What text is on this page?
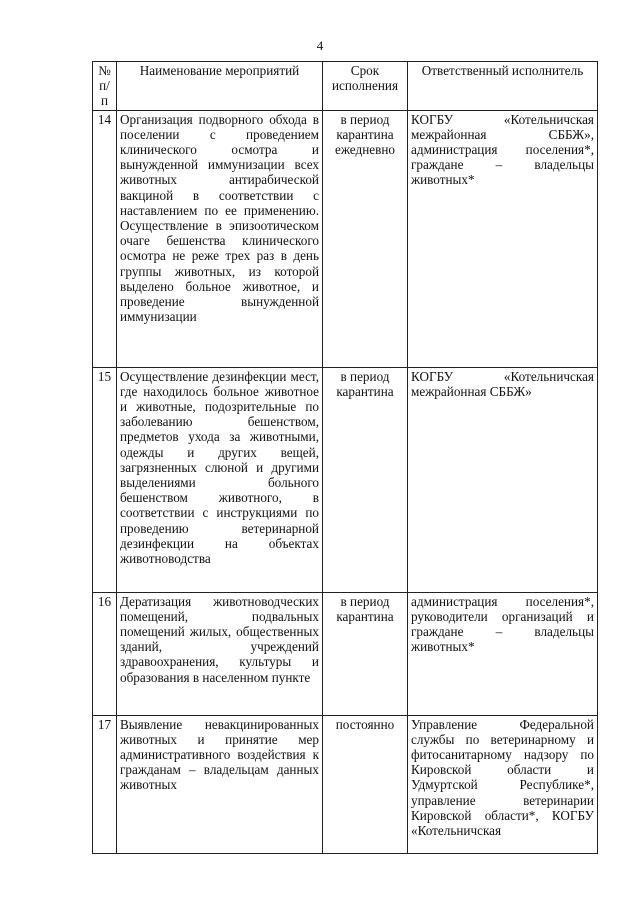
4
№ п/п	Наименование мероприятий	Срок исполнения	Ответственный исполнитель
14	Организация подворного обхода в поселении с проведением клинического осмотра и вынужденной иммунизации всех животных антирабической вакциной в соответствии с наставлением по ее применению. Осуществление в эпизоотическом очаге бешенства клинического осмотра не реже трех раз в день группы животных, из которой выделено больное животное, и проведение вынужденной иммунизации	в период карантина ежедневно	КОГБУ «Котельничская межрайонная СББЖ», администрация поселения*, граждане – владельцы животных*
15	Осуществление дезинфекции мест, где находилось больное животное и животные, подозрительные по заболеванию бешенством, предметов ухода за животными, одежды и других вещей, загрязненных слюной и другими выделениями больного бешенством животного, в соответствии с инструкциями по проведению ветеринарной дезинфекции на объектах животноводства	в период карантина	КОГБУ «Котельничская межрайонная СББЖ»
16	Дератизация животноводческих помещений, подвальных помещений жилых, общественных зданий, учреждений здравоохранения, культуры и образования в населенном пункте	в период карантина	администрация поселения*, руководители организаций и граждане – владельцы животных*
17	Выявление невакцинированных животных и принятие мер административного воздействия к гражданам – владельцам данных животных	постоянно	Управление Федеральной службы по ветеринарному и фитосанитарному надзору по Кировской области и Удмуртской Республике*, управление ветеринарии Кировской области*, КОГБУ «Котельничская
